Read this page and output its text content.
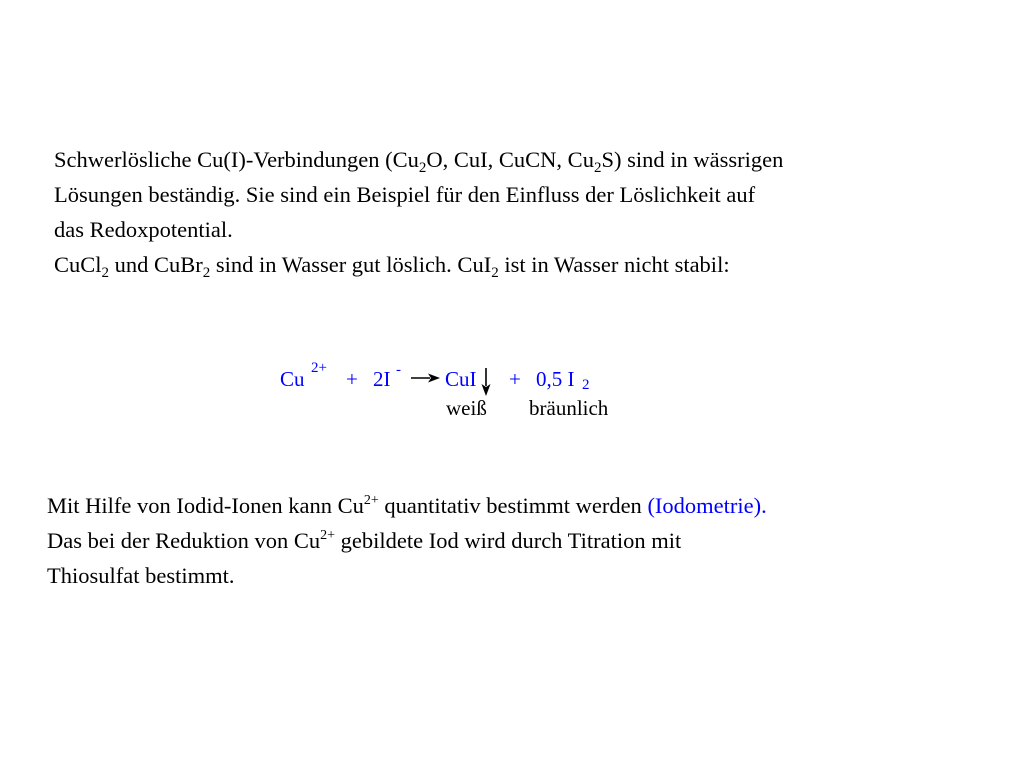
Schwerlösliche Cu(I)-Verbindungen ($Cu_2O$, CuI, CuCN, $Cu_2S$) sind in wässrigen
Lösungen beständig. Sie sind ein Beispiel für den Einfluss der Löslichkeit auf
das Redoxpotential.
CuCl$_2$ und CuBr$_2$ sind in Wasser gut löslich. CuI$_2$ ist in Wasser nicht stabil:
Cu 2+ + 2I - CuI + 0,5 I 2
weiß bräunlich
Mit Hilfe von Iodid-Ionen kann $Cu^{2+}$ quantitativ bestimmt werden (Iodometrie).
Das bei der Reduktion von $Cu^{2+}$ gebildete Iod wird durch Titration mit
Thiosulfat bestimmt.
